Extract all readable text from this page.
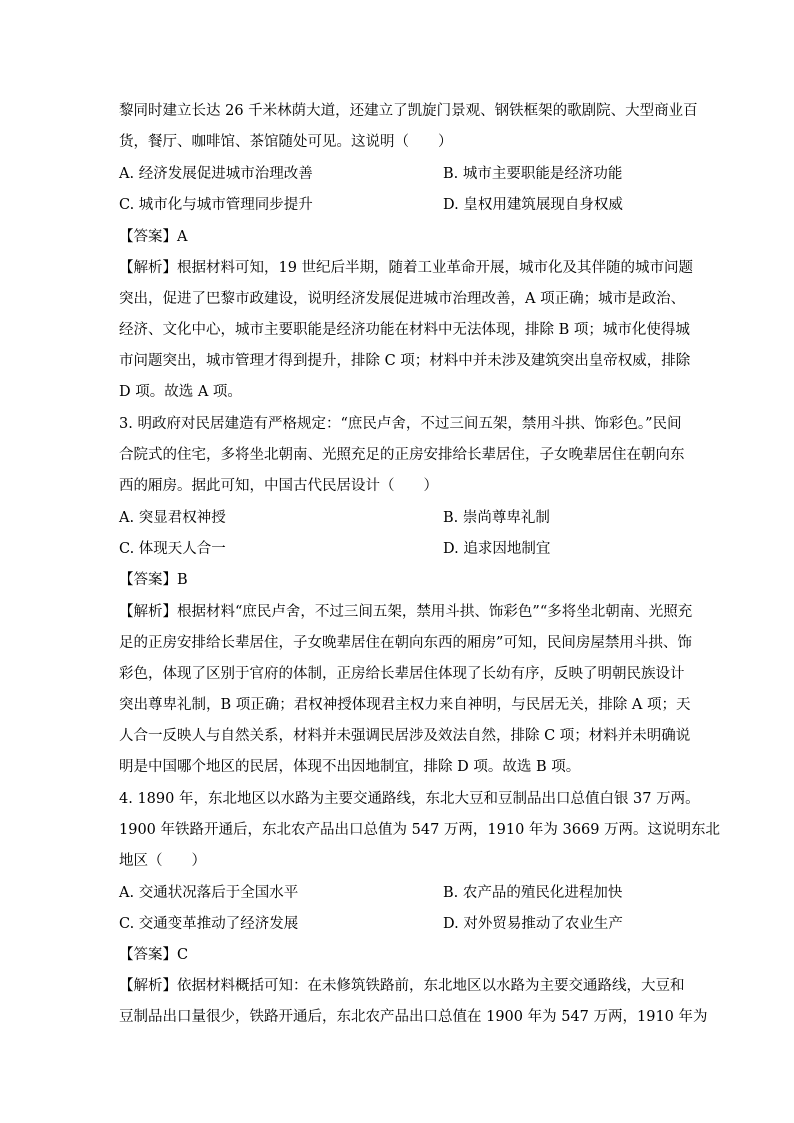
黎同时建立长达 26 千米林荫大道，还建立了凯旋门景观、钢铁框架的歌剧院、大型商业百
货，餐厅、咖啡馆、茶馆随处可见。这说明（　　）
A. 经济发展促进城市治理改善	B. 城市主要职能是经济功能
C. 城市化与城市管理同步提升	D. 皇权用建筑展现自身权威
【答案】A
【解析】根据材料可知，19 世纪后半期，随着工业革命开展，城市化及其伴随的城市问题
突出，促进了巴黎市政建设，说明经济发展促进城市治理改善，A 项正确；城市是政治、
经济、文化中心，城市主要职能是经济功能在材料中无法体现，排除 B 项；城市化使得城
市问题突出，城市管理才得到提升，排除 C 项；材料中并未涉及建筑突出皇帝权威，排除
D 项。故选 A 项。
3. 明政府对民居建造有严格规定：“庶民卢舍，不过三间五架，禁用斗拱、饰彩色。”民间
合院式的住宅，多将坐北朝南、光照充足的正房安排给长辈居住，子女晚辈居住在朝向东
西的厢房。据此可知，中国古代民居设计（　　）
A. 突显君权神授	B. 崇尚尊卑礼制
C. 体现天人合一	D. 追求因地制宜
【答案】B
【解析】根据材料“庶民卢舍，不过三间五架，禁用斗拱、饰彩色”“多将坐北朝南、光照充
足的正房安排给长辈居住，子女晚辈居住在朝向东西的厢房”可知，民间房屋禁用斗拱、饰
彩色，体现了区别于官府的体制，正房给长辈居住体现了长幼有序，反映了明朝民族设计
突出尊卑礼制，B 项正确；君权神授体现君主权力来自神明，与民居无关，排除 A 项；天
人合一反映人与自然关系，材料并未强调民居涉及效法自然，排除 C 项；材料并未明确说
明是中国哪个地区的民居，体现不出因地制宜，排除 D 项。故选 B 项。
4. 1890 年，东北地区以水路为主要交通路线，东北大豆和豆制品出口总值白银 37 万两。
1900 年铁路开通后，东北农产品出口总值为 547 万两，1910 年为 3669 万两。这说明东北
地区（　　）
A. 交通状况落后于全国水平	B. 农产品的殖民化进程加快
C. 交通变革推动了经济发展	D. 对外贸易推动了农业生产
【答案】C
【解析】依据材料概括可知：在未修筑铁路前，东北地区以水路为主要交通路线，大豆和
豆制品出口量很少，铁路开通后，东北农产品出口总值在 1900 年为 547 万两，1910 年为
